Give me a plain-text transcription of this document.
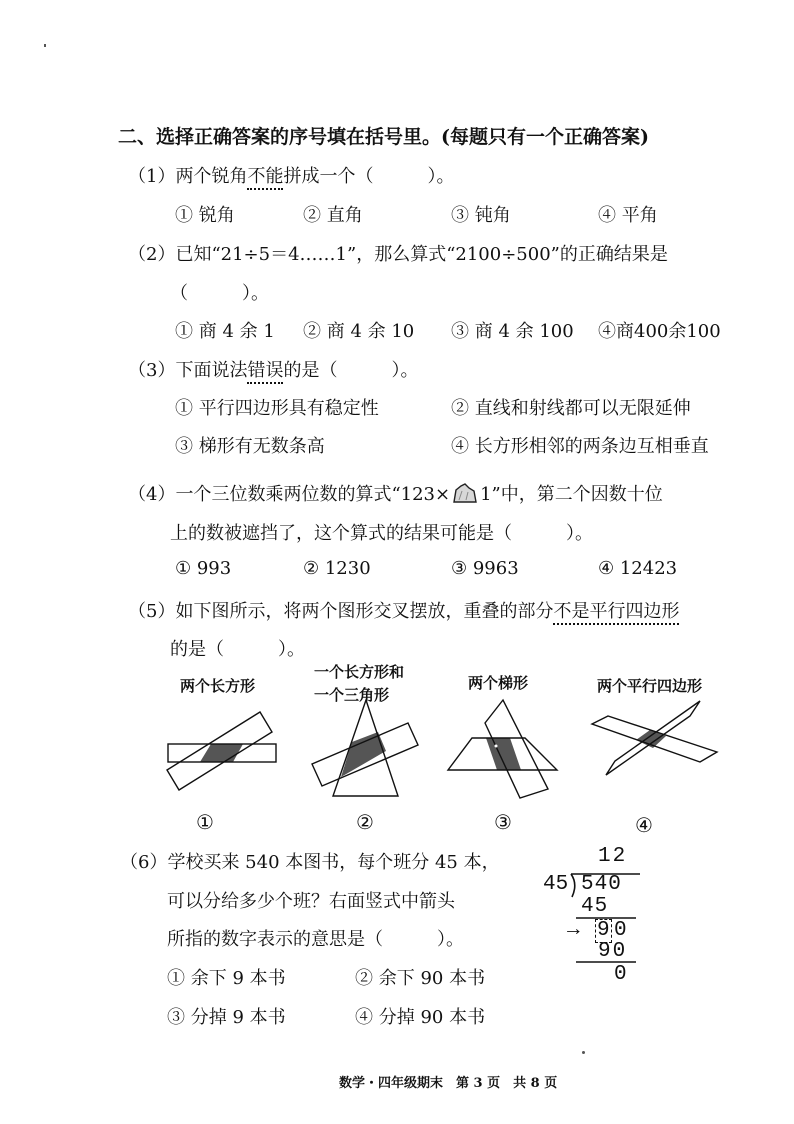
二、选择正确答案的序号填在括号里。(每题只有一个正确答案)
（1）两个锐角不能拼成一个（　　　）。
① 锐角	② 直角	③ 钝角	④ 平角
（2）已知“21÷5＝4……1”，那么算式“2100÷500”的正确结果是
（　　　）。
① 商 4 余 1 ② 商 4 余 10 ③ 商 4 余 100 ④商400余100
（3）下面说法错误的是（　　　）。
① 平行四边形具有稳定性	② 直线和射线都可以无限延伸
③ 梯形有无数条高	④ 长方形相邻的两条边互相垂直
（4）一个三位数乘两位数的算式“123× 1”中，第二个因数十位
上的数被遮挡了，这个算式的结果可能是（　　　）。
① 993	② 1230	③ 9963	④ 12423
（5）如下图所示，将两个图形交叉摆放，重叠的部分不是平行四边形
的是（　　　）。
两个长方形
一个长方形和
一个三角形
两个梯形	两个平行四边形
①	②	③	④
（6）学校买来 540 本图书，每个班分 45 本，
可以分给多少个班？右面竖式中箭头
所指的数字表示的意思是（　　　）。
① 余下 9 本书	② 余下 90 本书
③ 分掉 9 本书	④ 分掉 90 本书
12
45 540
45
→ 9 0
90
0
数学・四年级期末　第 3 页　共 8 页
